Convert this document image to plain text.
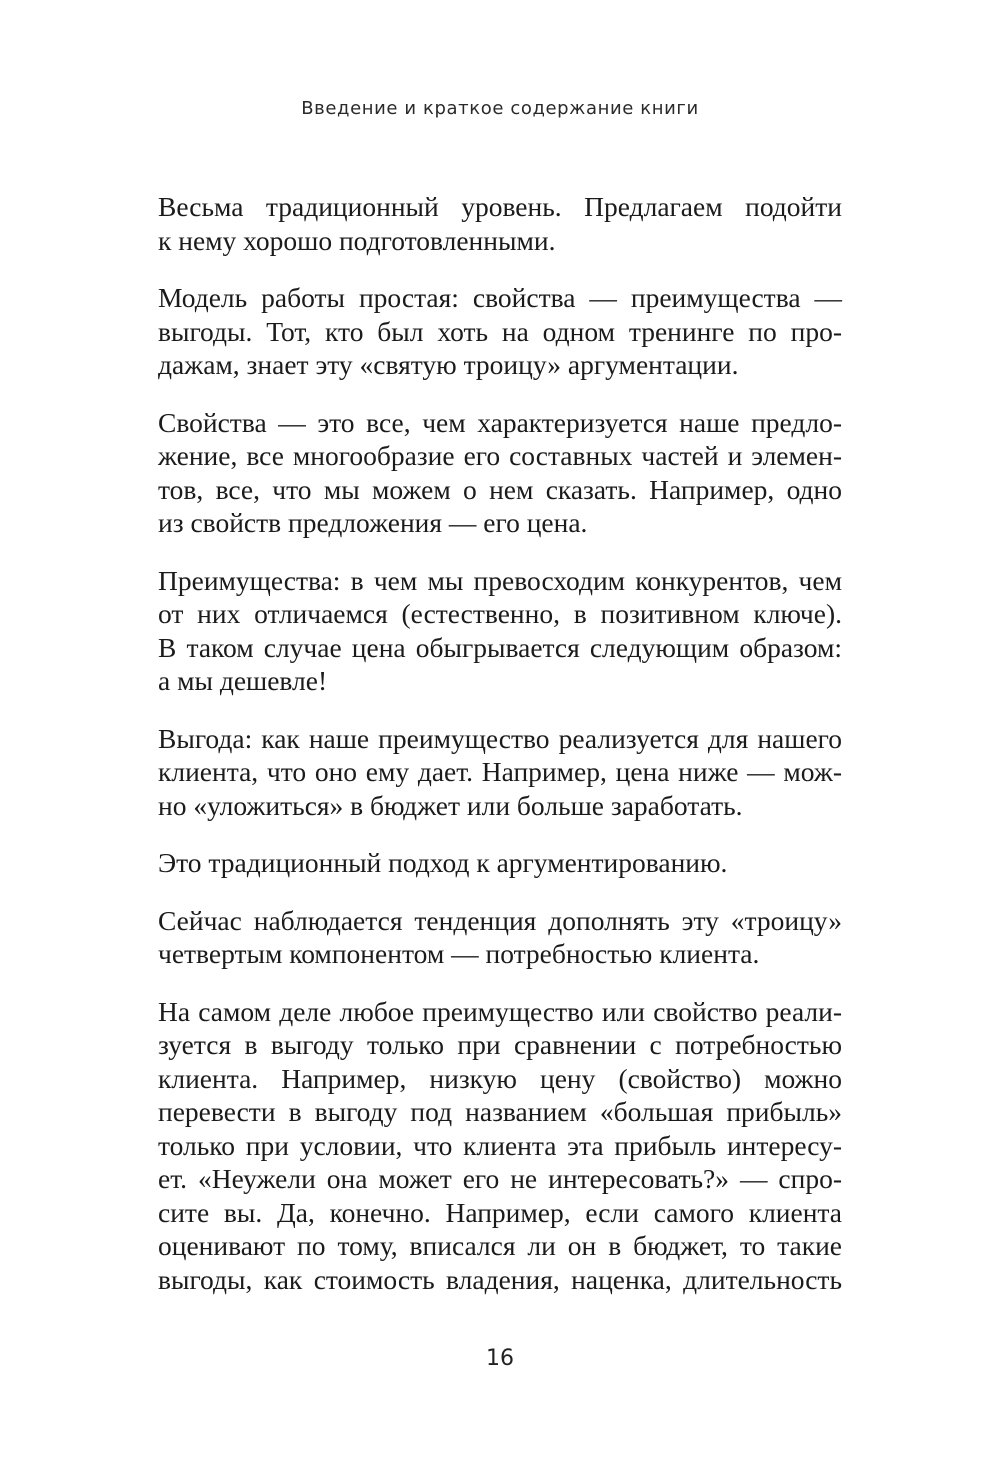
Введение и краткое содержание книги

Весьма традиционный уровень. Предлагаем подойти
к нему хорошо подготовленными.

Модель работы простая: свойства — преимущества —
выгоды. Тот, кто был хоть на одном тренинге по про-
дажам, знает эту «святую троицу» аргументации.

Свойства — это все, чем характеризуется наше предло-
жение, все многообразие его составных частей и элемен-
тов, все, что мы можем о нем сказать. Например, одно
из свойств предложения — его цена.

Преимущества: в чем мы превосходим конкурентов, чем
от них отличаемся (естественно, в позитивном ключе).
В таком случае цена обыгрывается следующим образом:
а мы дешевле!

Выгода: как наше преимущество реализуется для нашего
клиента, что оно ему дает. Например, цена ниже — мож-
но «уложиться» в бюджет или больше заработать.

Это традиционный подход к аргументированию.

Сейчас наблюдается тенденция дополнять эту «троицу»
четвертым компонентом — потребностью клиента.

На самом деле любое преимущество или свойство реали-
зуется в выгоду только при сравнении с потребностью
клиента. Например, низкую цену (свойство) можно
перевести в выгоду под названием «большая прибыль»
только при условии, что клиента эта прибыль интересу-
ет. «Неужели она может его не интересовать?» — спро-
сите вы. Да, конечно. Например, если самого клиента
оценивают по тому, вписался ли он в бюджет, то такие
выгоды, как стоимость владения, наценка, длительность

16
